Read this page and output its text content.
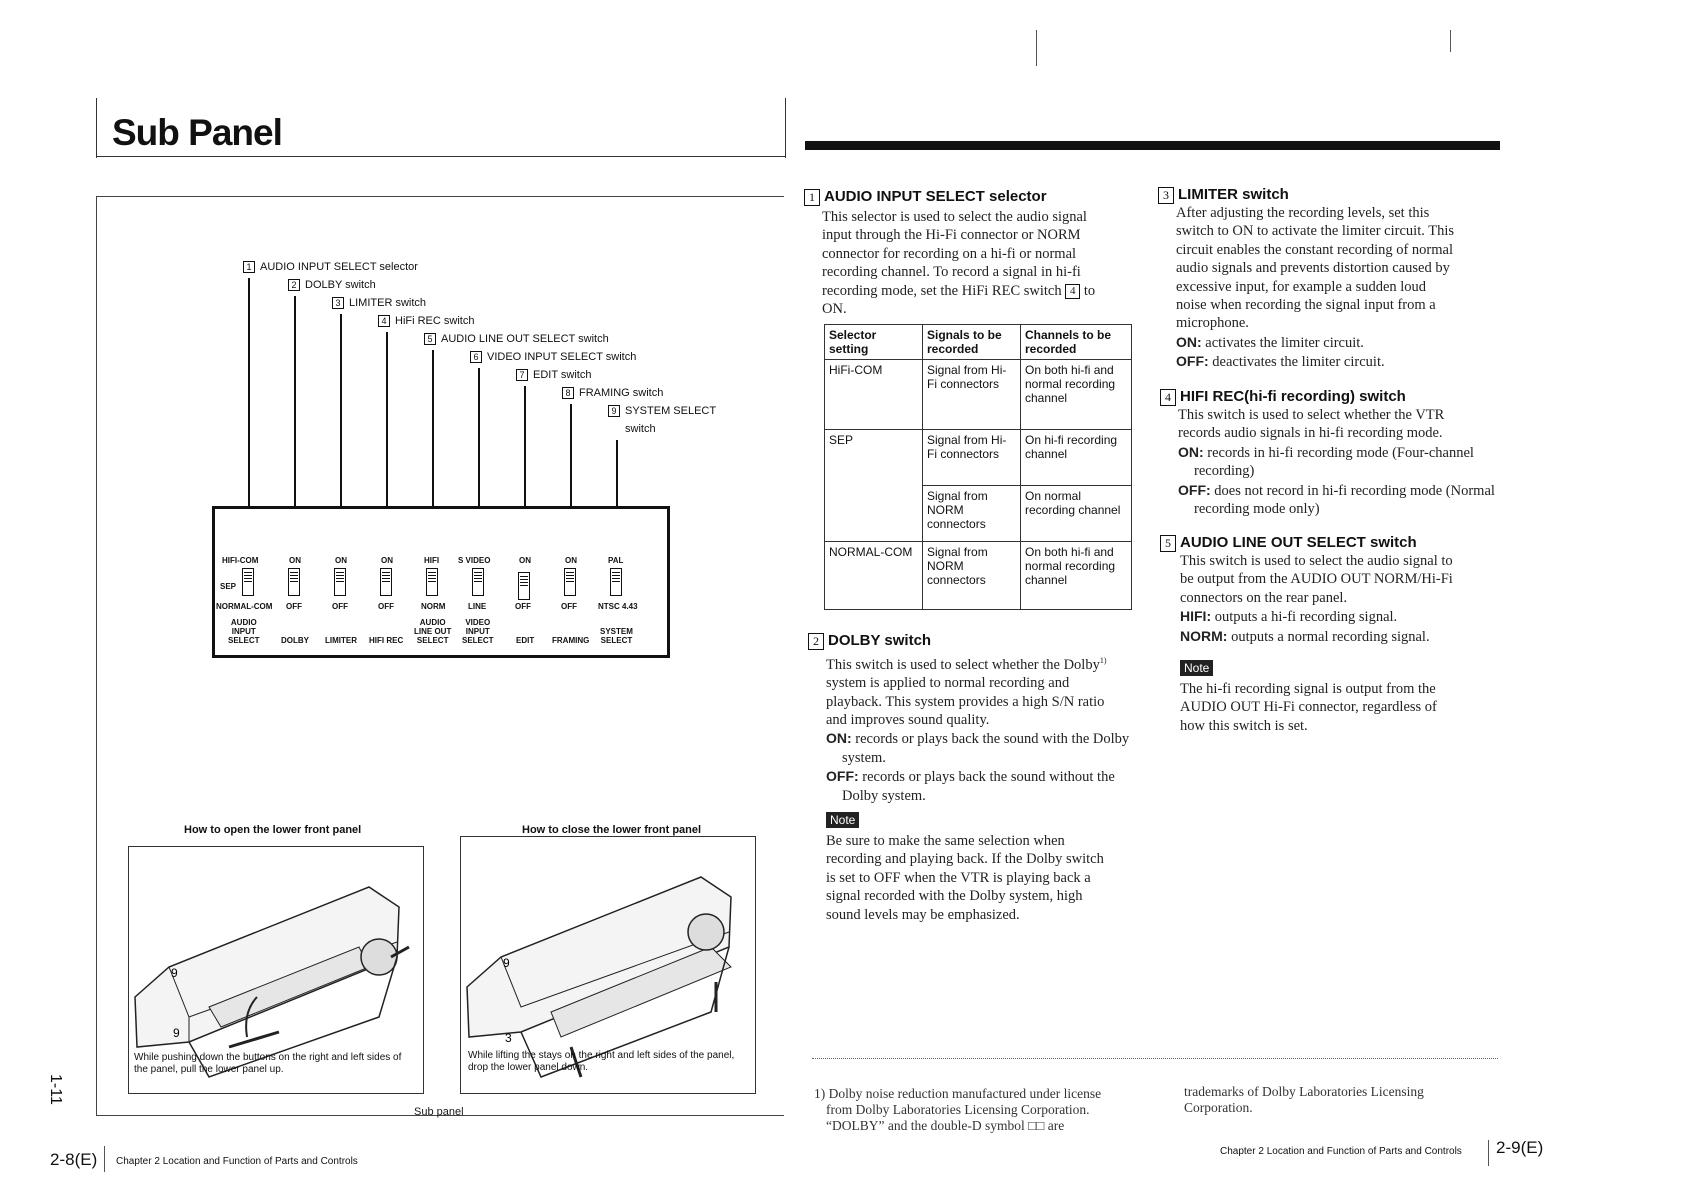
Sub Panel
1 AUDIO INPUT SELECT selector
2 DOLBY switch
3 LIMITER switch
4 HiFi REC switch
5 AUDIO LINE OUT SELECT switch
6 VIDEO INPUT SELECT switch
7 EDIT switch
8 FRAMING switch
9 SYSTEM SELECT
switch
HIFI-COM	ON	ON	ON	HIFI S VIDEO	ON	ON	PAL
SEP
NORMAL-COM OFF	OFF	OFF	NORM	LINE	OFF	OFF	NTSC 4.43
AUDIO
INPUT
SELECT	DOLBY LIMITER HIFI REC
AUDIO
LINE OUT
SELECT
VIDEO
INPUT
SELECT	EDIT FRAMING
SYSTEM
SELECT
How to open the lower front panel	How to close the lower front panel
9
9
9
3
While pushing down the buttons on the right and left sides of the panel, pull the lower panel up.
While lifting the stays on the right and left sides of the panel, drop the lower panel down.
Sub panel
1 AUDIO INPUT SELECT selector
This selector is used to select the audio signal
input through the Hi-Fi connector or NORM
connector for recording on a hi-fi or normal
recording channel. To record a signal in hi-fi
recording mode, set the HiFi REC switch 4 to
ON.
Selector setting	Signals to be recorded	Channels to be recorded
HiFi-COM	Signal from Hi-Fi connectors	On both hi-fi and normal recording channel
SEP	Signal from Hi-Fi connectors	On hi-fi recording channel
	Signal from NORM connectors	On normal recording channel
NORMAL-COM	Signal from NORM connectors	On both hi-fi and normal recording channel
2 DOLBY switch
This switch is used to select whether the Dolby$^{1)}$
system is applied to normal recording and
playback. This system provides a high S/N ratio
and improves sound quality.
ON: records or plays back the sound with the Dolby system.
OFF: records or plays back the sound without the Dolby system.
Note
Be sure to make the same selection when
recording and playing back. If the Dolby switch
is set to OFF when the VTR is playing back a
signal recorded with the Dolby system, high
sound levels may be emphasized.
3 LIMITER switch
After adjusting the recording levels, set this
switch to ON to activate the limiter circuit. This
circuit enables the constant recording of normal
audio signals and prevents distortion caused by
excessive input, for example a sudden loud
noise when recording the signal input from a
microphone.
ON: activates the limiter circuit.
OFF: deactivates the limiter circuit.
4 HIFI REC(hi-fi recording) switch
This switch is used to select whether the VTR
records audio signals in hi-fi recording mode.
ON: records in hi-fi recording mode (Four-channel recording)
OFF: does not record in hi-fi recording mode (Normal recording mode only)
5 AUDIO LINE OUT SELECT switch
This switch is used to select the audio signal to
be output from the AUDIO OUT NORM/Hi-Fi
connectors on the rear panel.
HIFI: outputs a hi-fi recording signal.
NORM: outputs a normal recording signal.
Note
The hi-fi recording signal is output from the
AUDIO OUT Hi-Fi connector, regardless of
how this switch is set.
1) Dolby noise reduction manufactured under license
from Dolby Laboratories Licensing Corporation.
“DOLBY” and the double-D symbol □□ are
trademarks of Dolby Laboratories Licensing
Corporation.
1-11
2-8(E) Chapter 2 Location and Function of Parts and Controls
Chapter 2 Location and Function of Parts and Controls 2-9(E)
